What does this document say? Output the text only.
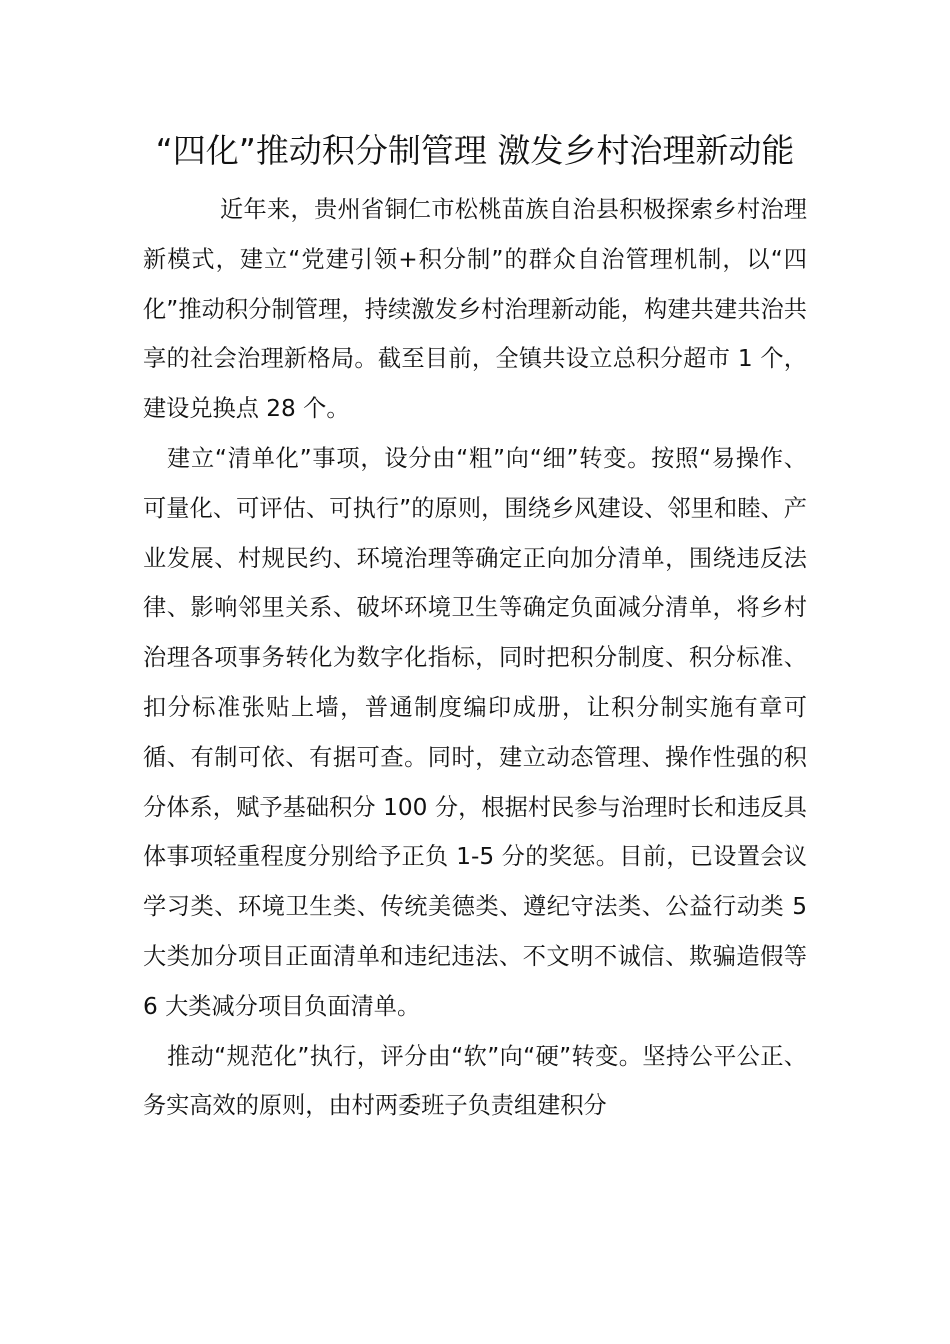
“四化”推动积分制管理 激发乡村治理新动能

近年来，贵州省铜仁市松桃苗族自治县积极探索乡村治理新模式，建立“党建引领+积分制”的群众自治管理机制，以“四化”推动积分制管理，持续激发乡村治理新动能，构建共建共治共享的社会治理新格局。截至目前，全镇共设立总积分超市 1 个，建设兑换点 28 个。

建立“清单化”事项，设分由“粗”向“细”转变。按照“易操作、可量化、可评估、可执行”的原则，围绕乡风建设、邻里和睦、产业发展、村规民约、环境治理等确定正向加分清单，围绕违反法律、影响邻里关系、破坏环境卫生等确定负面减分清单，将乡村治理各项事务转化为数字化指标，同时把积分制度、积分标准、扣分标准张贴上墙，普通制度编印成册，让积分制实施有章可循、有制可依、有据可查。同时，建立动态管理、操作性强的积分体系，赋予基础积分 100 分，根据村民参与治理时长和违反具体事项轻重程度分别给予正负 1-5 分的奖惩。目前，已设置会议学习类、环境卫生类、传统美德类、遵纪守法类、公益行动类 5 大类加分项目正面清单和违纪违法、不文明不诚信、欺骗造假等 6 大类减分项目负面清单。

推动“规范化”执行，评分由“软”向“硬”转变。坚持公平公正、务实高效的原则，由村两委班子负责组建积分
